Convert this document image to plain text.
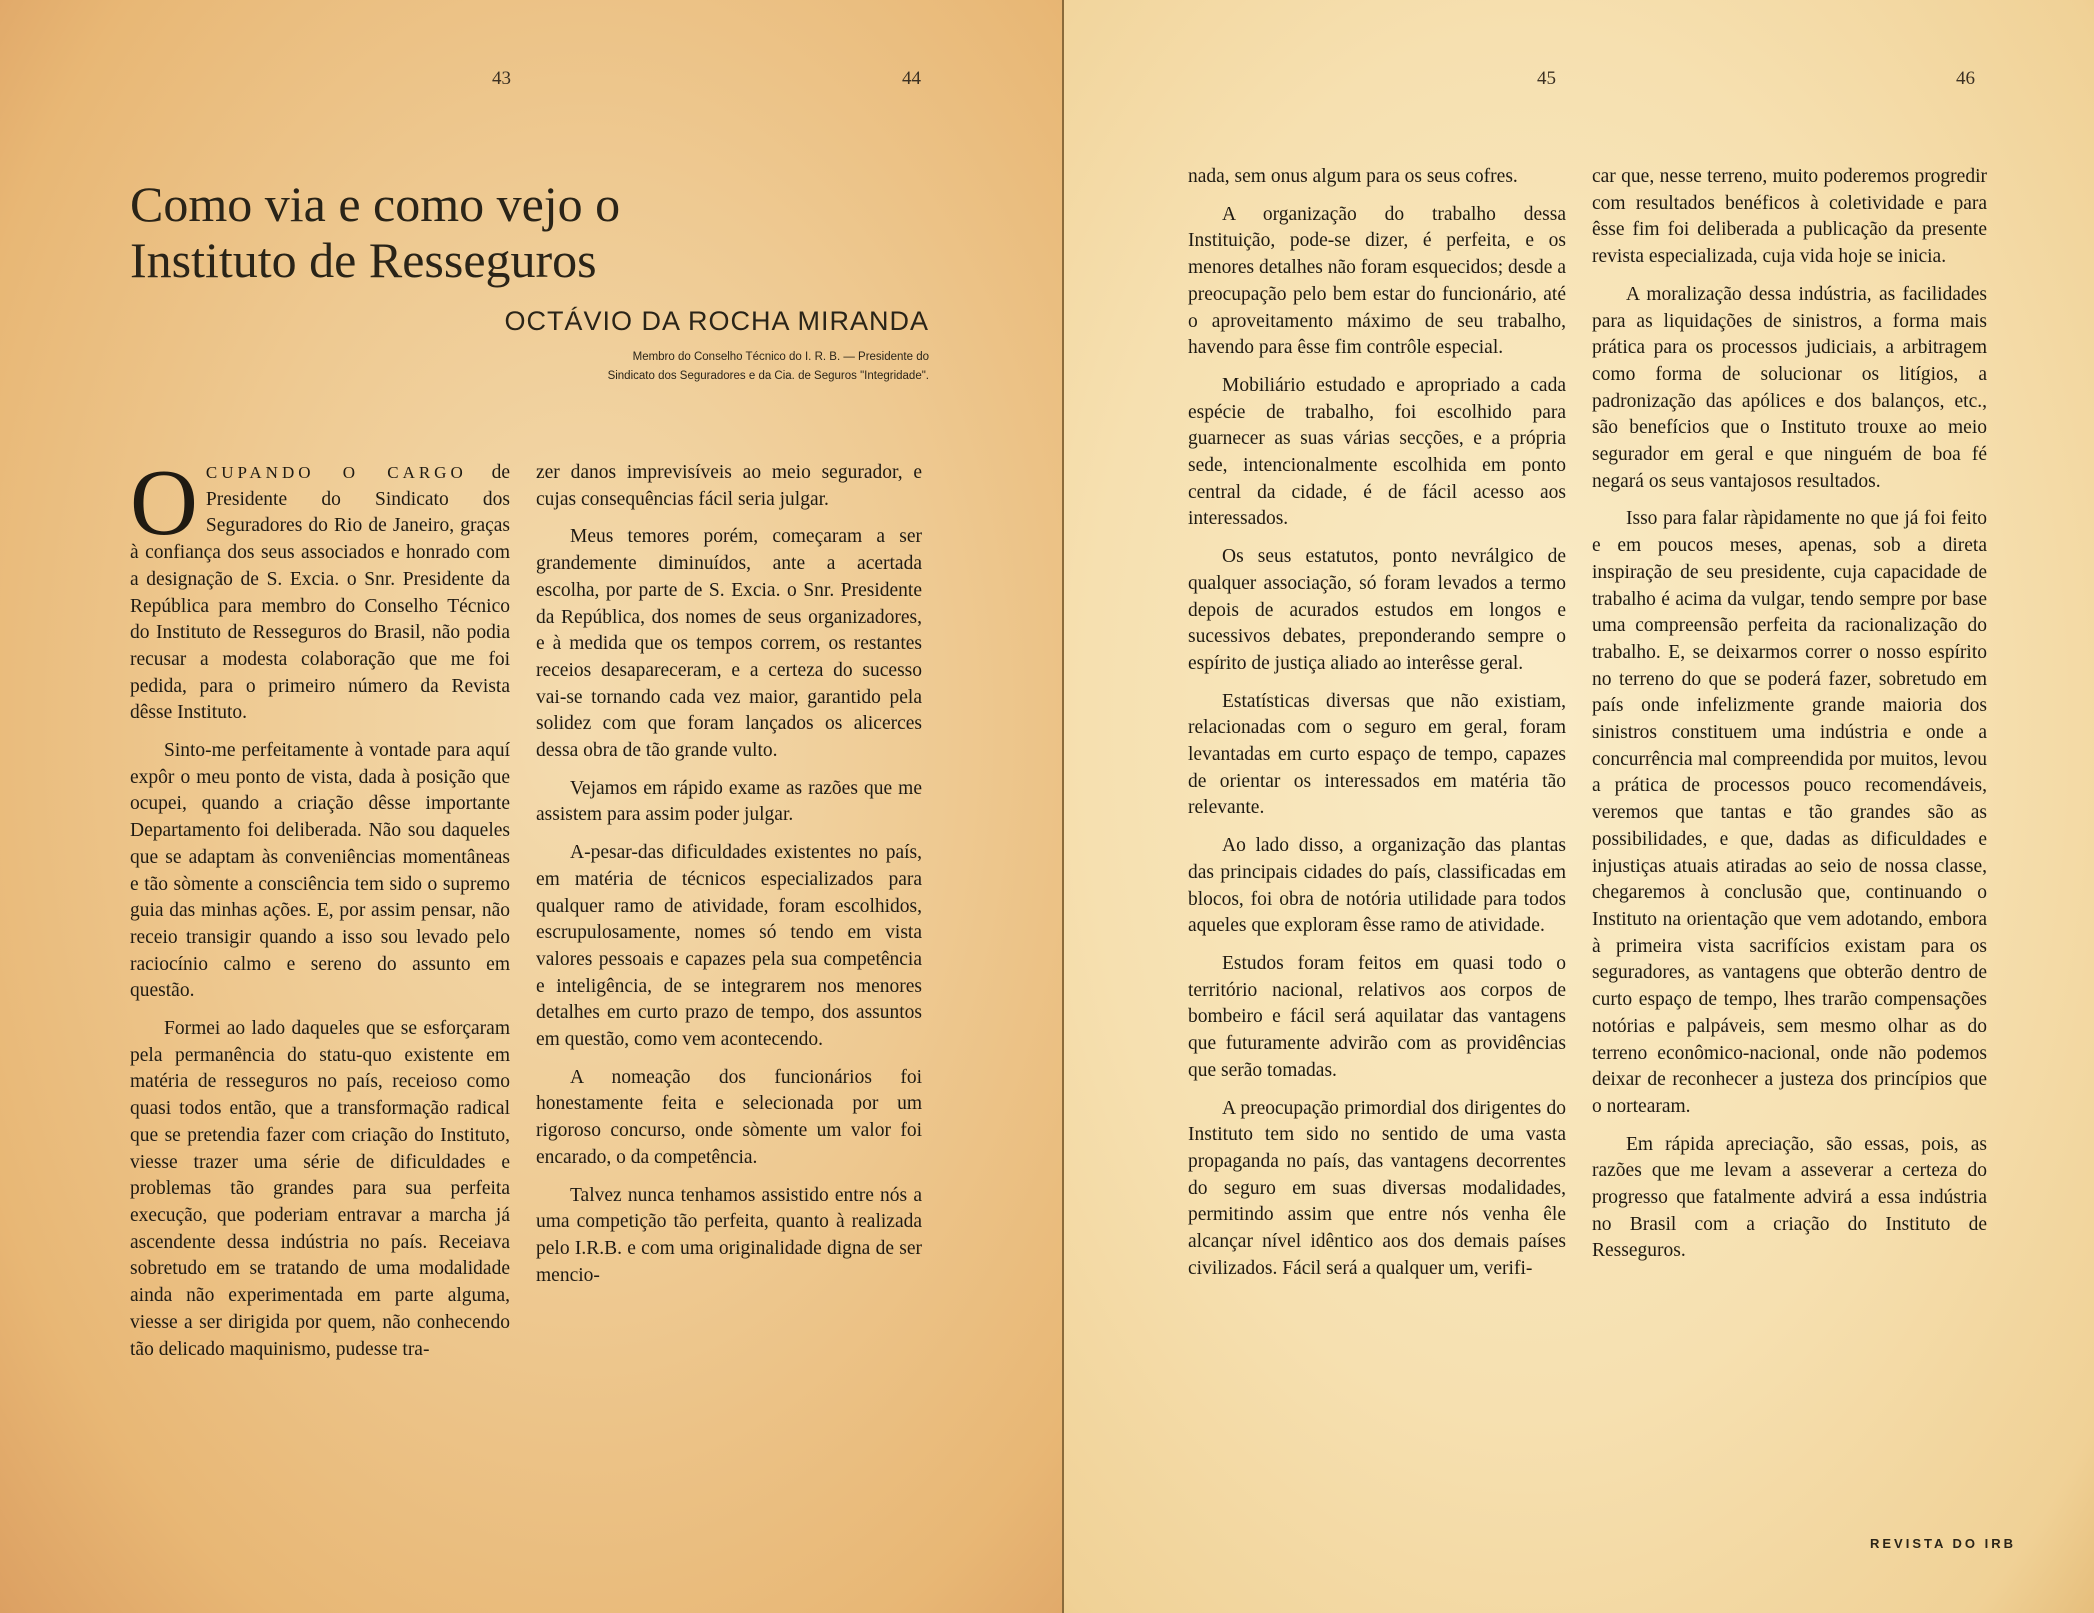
43	44
Como via e como vejo o
Instituto de Resseguros
OCTÁVIO DA ROCHA MIRANDA
Membro do Conselho Técnico do I. R. B. — Presidente do
Sindicato dos Seguradores e da Cia. de Seguros "Integridade".

OCUPANDO O CARGO de Presidente do Sindicato dos Seguradores do Rio de Janeiro, graças à confiança dos seus associados e honrado com a designação de S. Excia. o Snr. Presidente da República para membro do Conselho Técnico do Instituto de Resseguros do Brasil, não podia recusar a modesta colaboração que me foi pedida, para o primeiro número da Revista dêsse Instituto.

Sinto-me perfeitamente à vontade para aquí expôr o meu ponto de vista, dada à posição que ocupei, quando a criação dêsse importante Departamento foi deliberada. Não sou daqueles que se adaptam às conveniências momentâneas e tão sòmente a consciência tem sido o supremo guia das minhas ações. E, por assim pensar, não receio transigir quando a isso sou levado pelo raciocínio calmo e sereno do assunto em questão.

Formei ao lado daqueles que se esforçaram pela permanência do statu-quo existente em matéria de resseguros no país, receioso como quasi todos então, que a transformação radical que se pretendia fazer com criação do Instituto, viesse trazer uma série de dificuldades e problemas tão grandes para sua perfeita execução, que poderiam entravar a marcha já ascendente dessa indústria no país. Receiava sobretudo em se tratando de uma modalidade ainda não experimentada em parte alguma, viesse a ser dirigida por quem, não conhecendo tão delicado maquinismo, pudesse tra-

zer danos imprevisíveis ao meio segurador, e cujas consequências fácil seria julgar.

Meus temores porém, começaram a ser grandemente diminuídos, ante a acertada escolha, por parte de S. Excia. o Snr. Presidente da República, dos nomes de seus organizadores, e à medida que os tempos correm, os restantes receios desapareceram, e a certeza do sucesso vai-se tornando cada vez maior, garantido pela solidez com que foram lançados os alicerces dessa obra de tão grande vulto.

Vejamos em rápido exame as razões que me assistem para assim poder julgar.

A-pesar-das dificuldades existentes no país, em matéria de técnicos especializados para qualquer ramo de atividade, foram escolhidos, escrupulosamente, nomes só tendo em vista valores pessoais e capazes pela sua competência e inteligência, de se integrarem nos menores detalhes em curto prazo de tempo, dos assuntos em questão, como vem acontecendo.

A nomeação dos funcionários foi honestamente feita e selecionada por um rigoroso concurso, onde sòmente um valor foi encarado, o da competência.

Talvez nunca tenhamos assistido entre nós a uma competição tão perfeita, quanto à realizada pelo I.R.B. e com uma originalidade digna de ser mencio-

45	46

nada, sem onus algum para os seus cofres.

A organização do trabalho dessa Instituição, pode-se dizer, é perfeita, e os menores detalhes não foram esquecidos; desde a preocupação pelo bem estar do funcionário, até o aproveitamento máximo de seu trabalho, havendo para êsse fim contrôle especial.

Mobiliário estudado e apropriado a cada espécie de trabalho, foi escolhido para guarnecer as suas várias secções, e a própria sede, intencionalmente escolhida em ponto central da cidade, é de fácil acesso aos interessados.

Os seus estatutos, ponto nevrálgico de qualquer associação, só foram levados a termo depois de acurados estudos em longos e sucessivos debates, preponderando sempre o espírito de justiça aliado ao interêsse geral.

Estatísticas diversas que não existiam, relacionadas com o seguro em geral, foram levantadas em curto espaço de tempo, capazes de orientar os interessados em matéria tão relevante.

Ao lado disso, a organização das plantas das principais cidades do país, classificadas em blocos, foi obra de notória utilidade para todos aqueles que exploram êsse ramo de atividade.

Estudos foram feitos em quasi todo o território nacional, relativos aos corpos de bombeiro e fácil será aquilatar das vantagens que futuramente advirão com as providências que serão tomadas.

A preocupação primordial dos dirigentes do Instituto tem sido no sentido de uma vasta propaganda no país, das vantagens decorrentes do seguro em suas diversas modalidades, permitindo assim que entre nós venha êle alcançar nível idêntico aos dos demais países civilizados. Fácil será a qualquer um, verifi-

car que, nesse terreno, muito poderemos progredir com resultados benéficos à coletividade e para êsse fim foi deliberada a publicação da presente revista especializada, cuja vida hoje se inicia.

A moralização dessa indústria, as facilidades para as liquidações de sinistros, a forma mais prática para os processos judiciais, a arbitragem como forma de solucionar os litígios, a padronização das apólices e dos balanços, etc., são benefícios que o Instituto trouxe ao meio segurador em geral e que ninguém de boa fé negará os seus vantajosos resultados.

Isso para falar ràpidamente no que já foi feito e em poucos meses, apenas, sob a direta inspiração de seu presidente, cuja capacidade de trabalho é acima da vulgar, tendo sempre por base uma compreensão perfeita da racionalização do trabalho. E, se deixarmos correr o nosso espírito no terreno do que se poderá fazer, sobretudo em país onde infelizmente grande maioria dos sinistros constituem uma indústria e onde a concurrência mal compreendida por muitos, levou a prática de processos pouco recomendáveis, veremos que tantas e tão grandes são as possibilidades, e que, dadas as dificuldades e injustiças atuais atiradas ao seio de nossa classe, chegaremos à conclusão que, continuando o Instituto na orientação que vem adotando, embora à primeira vista sacrifícios existam para os seguradores, as vantagens que obterão dentro de curto espaço de tempo, lhes trarão compensações notórias e palpáveis, sem mesmo olhar as do terreno econômico-nacional, onde não podemos deixar de reconhecer a justeza dos princípios que o nortearam.

Em rápida apreciação, são essas, pois, as razões que me levam a asseverar a certeza do progresso que fatalmente advirá a essa indústria no Brasil com a criação do Instituto de Resseguros.

REVISTA DO IRB
